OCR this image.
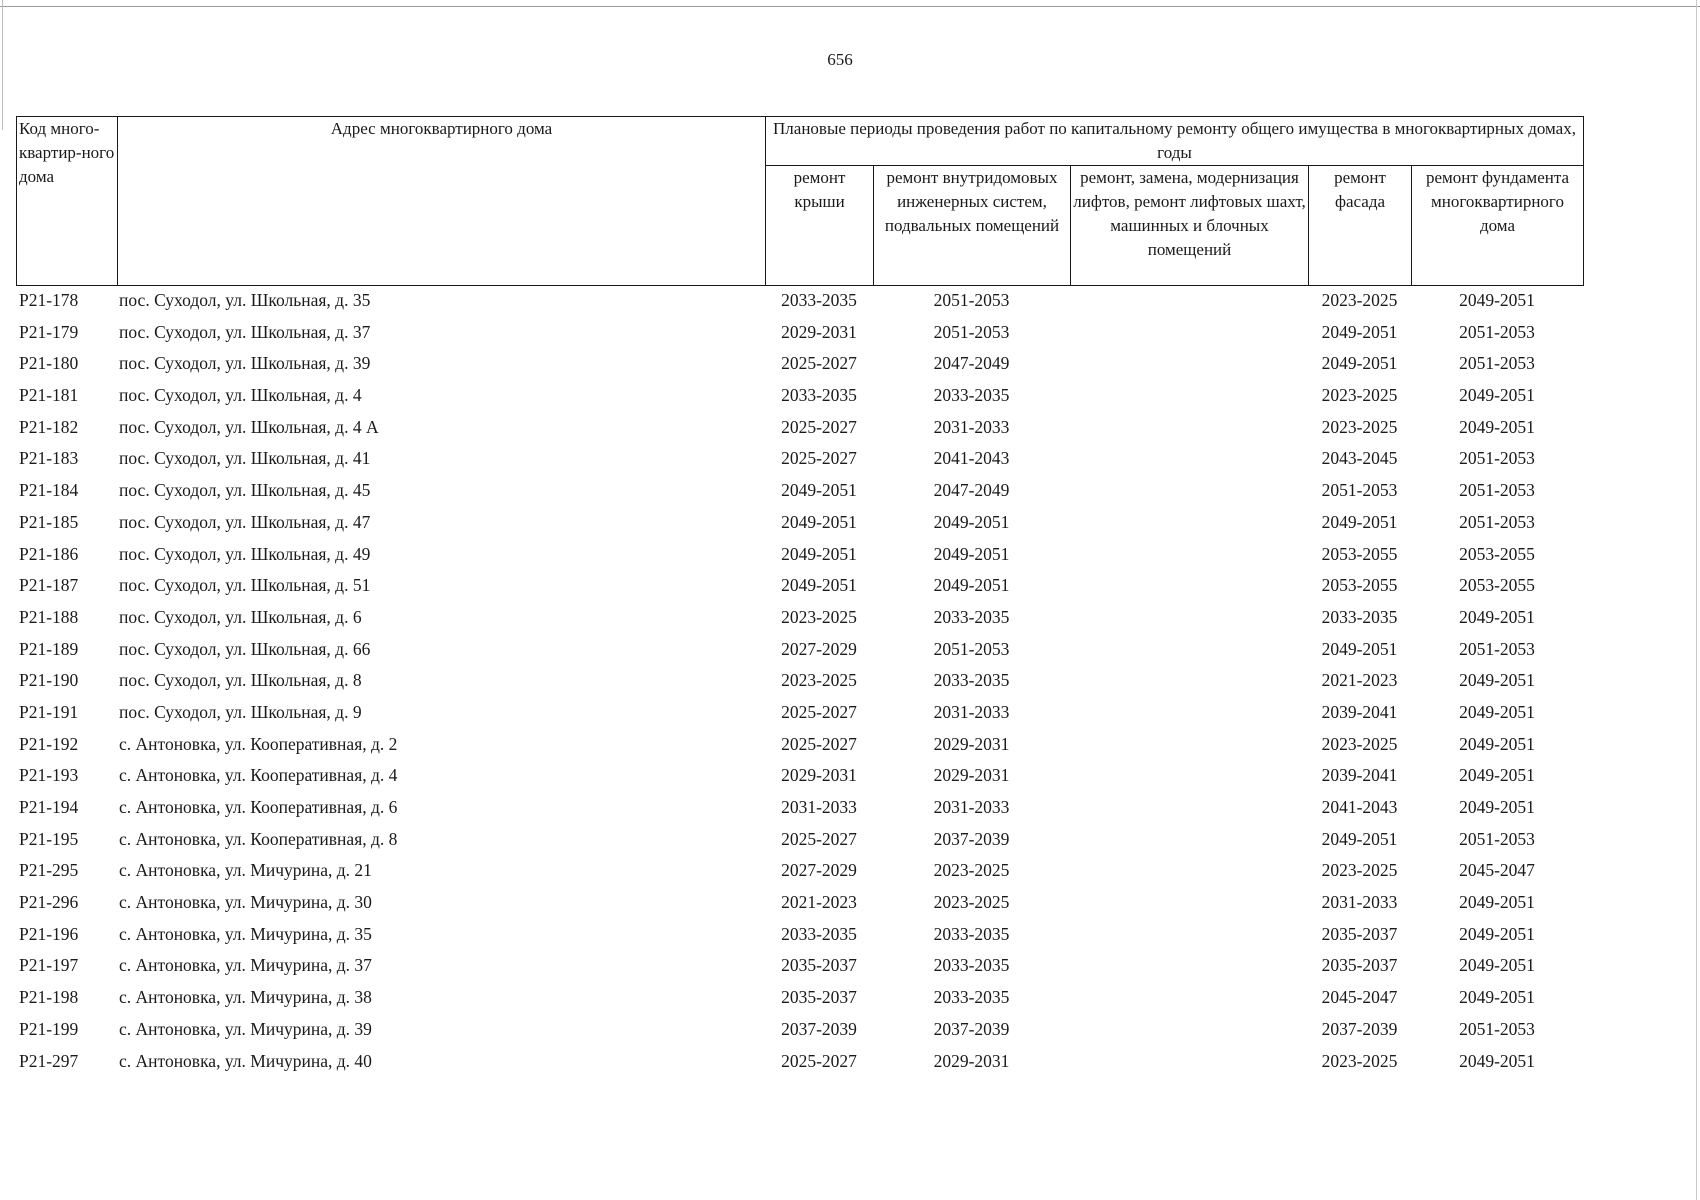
656
Код много-квартир-ного дома	Адрес многоквартирного дома	Плановые периоды проведения работ по капитальному ремонту общего имущества в многоквартирных домах, годы				
		ремонт крыши	ремонт внутридомовых инженерных систем, подвальных помещений	ремонт, замена, модернизация лифтов, ремонт лифтовых шахт, машинных и блочных помещений	ремонт фасада	ремонт фундамента многоквартирного дома
P21-178	пос. Суходол, ул. Школьная, д. 35	2033-2035	2051-2053		2023-2025	2049-2051
P21-179	пос. Суходол, ул. Школьная, д. 37	2029-2031	2051-2053		2049-2051	2051-2053
P21-180	пос. Суходол, ул. Школьная, д. 39	2025-2027	2047-2049		2049-2051	2051-2053
P21-181	пос. Суходол, ул. Школьная, д. 4	2033-2035	2033-2035		2023-2025	2049-2051
P21-182	пос. Суходол, ул. Школьная, д. 4 А	2025-2027	2031-2033		2023-2025	2049-2051
P21-183	пос. Суходол, ул. Школьная, д. 41	2025-2027	2041-2043		2043-2045	2051-2053
P21-184	пос. Суходол, ул. Школьная, д. 45	2049-2051	2047-2049		2051-2053	2051-2053
P21-185	пос. Суходол, ул. Школьная, д. 47	2049-2051	2049-2051		2049-2051	2051-2053
P21-186	пос. Суходол, ул. Школьная, д. 49	2049-2051	2049-2051		2053-2055	2053-2055
P21-187	пос. Суходол, ул. Школьная, д. 51	2049-2051	2049-2051		2053-2055	2053-2055
P21-188	пос. Суходол, ул. Школьная, д. 6	2023-2025	2033-2035		2033-2035	2049-2051
P21-189	пос. Суходол, ул. Школьная, д. 66	2027-2029	2051-2053		2049-2051	2051-2053
P21-190	пос. Суходол, ул. Школьная, д. 8	2023-2025	2033-2035		2021-2023	2049-2051
P21-191	пос. Суходол, ул. Школьная, д. 9	2025-2027	2031-2033		2039-2041	2049-2051
P21-192	с. Антоновка, ул. Кооперативная, д. 2	2025-2027	2029-2031		2023-2025	2049-2051
P21-193	с. Антоновка, ул. Кооперативная, д. 4	2029-2031	2029-2031		2039-2041	2049-2051
P21-194	с. Антоновка, ул. Кооперативная, д. 6	2031-2033	2031-2033		2041-2043	2049-2051
P21-195	с. Антоновка, ул. Кооперативная, д. 8	2025-2027	2037-2039		2049-2051	2051-2053
P21-295	с. Антоновка, ул. Мичурина, д. 21	2027-2029	2023-2025		2023-2025	2045-2047
P21-296	с. Антоновка, ул. Мичурина, д. 30	2021-2023	2023-2025		2031-2033	2049-2051
P21-196	с. Антоновка, ул. Мичурина, д. 35	2033-2035	2033-2035		2035-2037	2049-2051
P21-197	с. Антоновка, ул. Мичурина, д. 37	2035-2037	2033-2035		2035-2037	2049-2051
P21-198	с. Антоновка, ул. Мичурина, д. 38	2035-2037	2033-2035		2045-2047	2049-2051
P21-199	с. Антоновка, ул. Мичурина, д. 39	2037-2039	2037-2039		2037-2039	2051-2053
P21-297	с. Антоновка, ул. Мичурина, д. 40	2025-2027	2029-2031		2023-2025	2049-2051
